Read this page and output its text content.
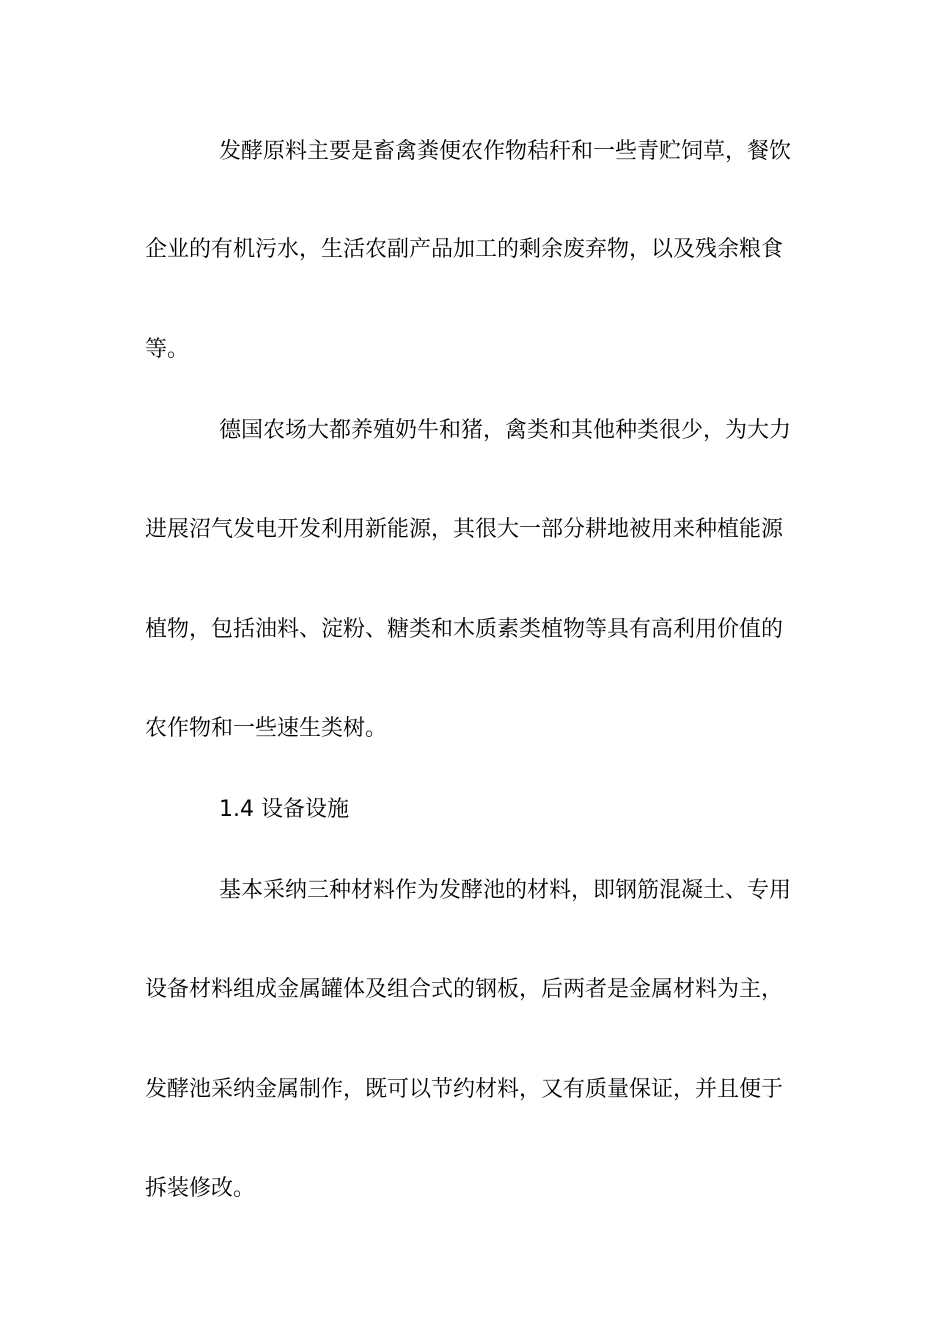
发酵原料主要是畜禽粪便农作物秸秆和一些青贮饲草，餐饮
企业的有机污水，生活农副产品加工的剩余废弃物，以及残余粮食
等。
德国农场大都养殖奶牛和猪，禽类和其他种类很少，为大力
进展沼气发电开发利用新能源，其很大一部分耕地被用来种植能源
植物，包括油料、淀粉、糖类和木质素类植物等具有高利用价值的
农作物和一些速生类树。
1.4 设备设施
基本采纳三种材料作为发酵池的材料，即钢筋混凝土、专用
设备材料组成金属罐体及组合式的钢板，后两者是金属材料为主，
发酵池采纳金属制作，既可以节约材料，又有质量保证，并且便于
拆装修改。
